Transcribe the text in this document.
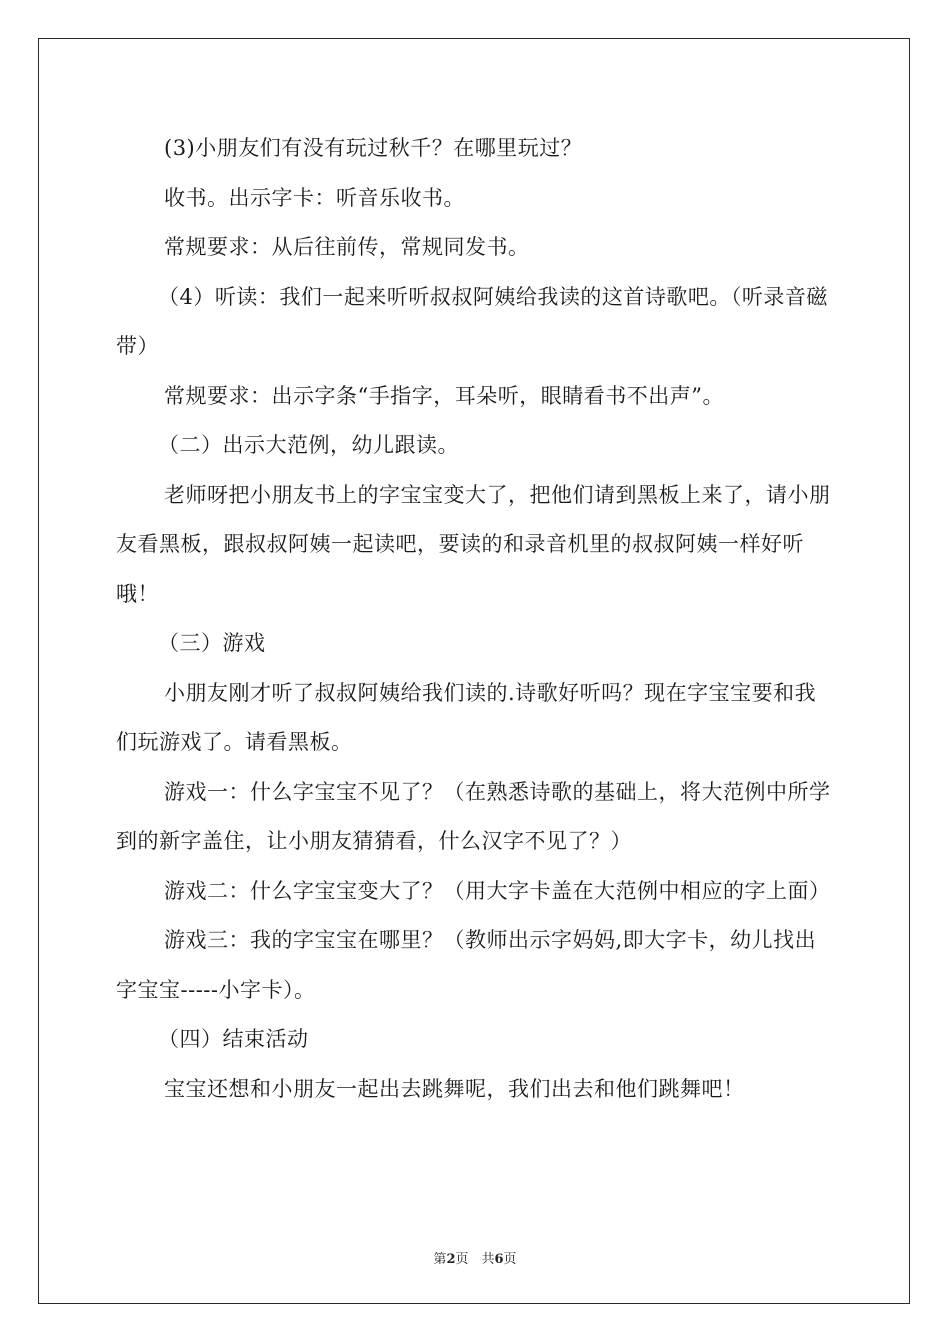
(3)小朋友们有没有玩过秋千？在哪里玩过？

收书。出示字卡：听音乐收书。

常规要求：从后往前传，常规同发书。

（4）听读：我们一起来听听叔叔阿姨给我读的这首诗歌吧。（听录音磁带）

常规要求：出示字条“手指字，耳朵听，眼睛看书不出声”。

（二）出示大范例，幼儿跟读。

老师呀把小朋友书上的字宝宝变大了，把他们请到黑板上来了，请小朋友看黑板，跟叔叔阿姨一起读吧，要读的和录音机里的叔叔阿姨一样好听哦！

（三）游戏

小朋友刚才听了叔叔阿姨给我们读的.诗歌好听吗？现在字宝宝要和我们玩游戏了。请看黑板。

游戏一：什么字宝宝不见了？（在熟悉诗歌的基础上，将大范例中所学到的新字盖住，让小朋友猜猜看，什么汉字不见了？）

游戏二：什么字宝宝变大了？（用大字卡盖在大范例中相应的字上面）

游戏三：我的字宝宝在哪里？（教师出示字妈妈,即大字卡，幼儿找出字宝宝-----小字卡）。

（四）结束活动

宝宝还想和小朋友一起出去跳舞呢，我们出去和他们跳舞吧！

第2页　共6页
